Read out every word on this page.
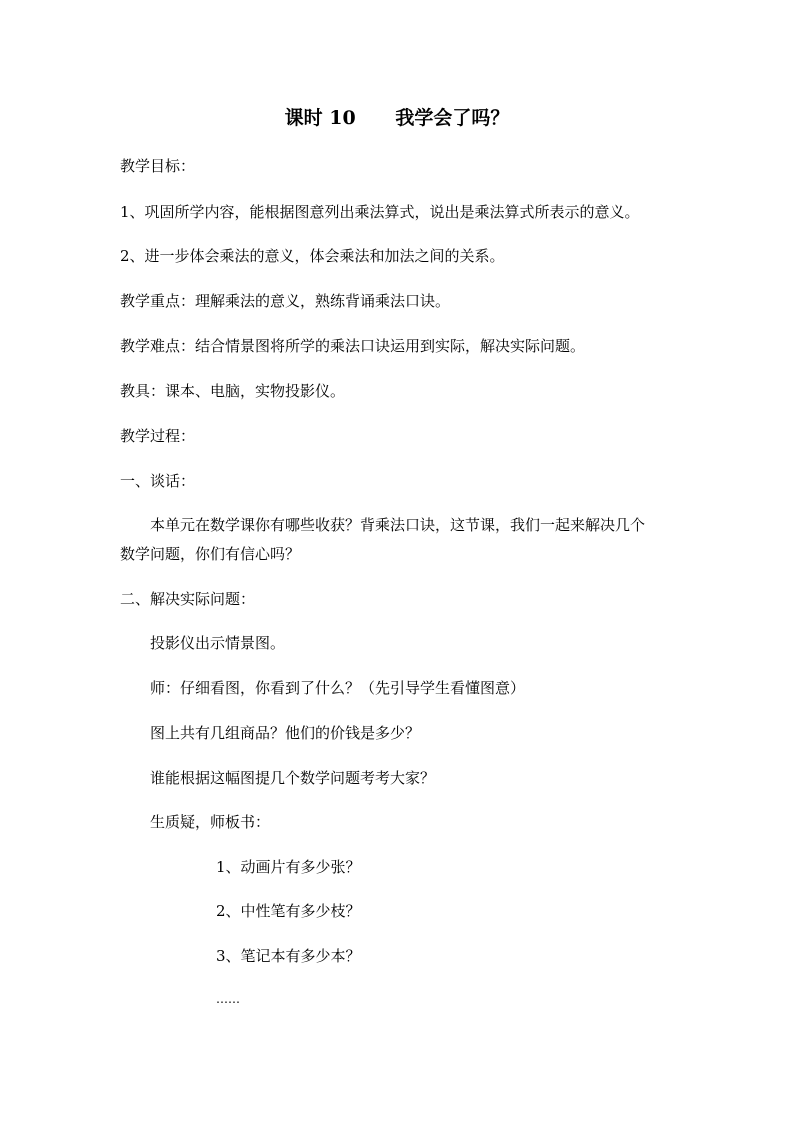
课时 10      我学会了吗？
教学目标：
1、巩固所学内容，能根据图意列出乘法算式，说出是乘法算式所表示的意义。
2、进一步体会乘法的意义，体会乘法和加法之间的关系。
教学重点：理解乘法的意义，熟练背诵乘法口诀。
教学难点：结合情景图将所学的乘法口诀运用到实际，解决实际问题。
教具：课本、电脑，实物投影仪。
教学过程：
一、谈话：
本单元在数学课你有哪些收获？背乘法口诀，这节课，我们一起来解决几个
数学问题，你们有信心吗？
二、解决实际问题：
投影仪出示情景图。
师：仔细看图，你看到了什么？（先引导学生看懂图意）
图上共有几组商品？他们的价钱是多少？
谁能根据这幅图提几个数学问题考考大家？
生质疑，师板书：
1、动画片有多少张？
2、中性笔有多少枝？
3、笔记本有多少本？
……
